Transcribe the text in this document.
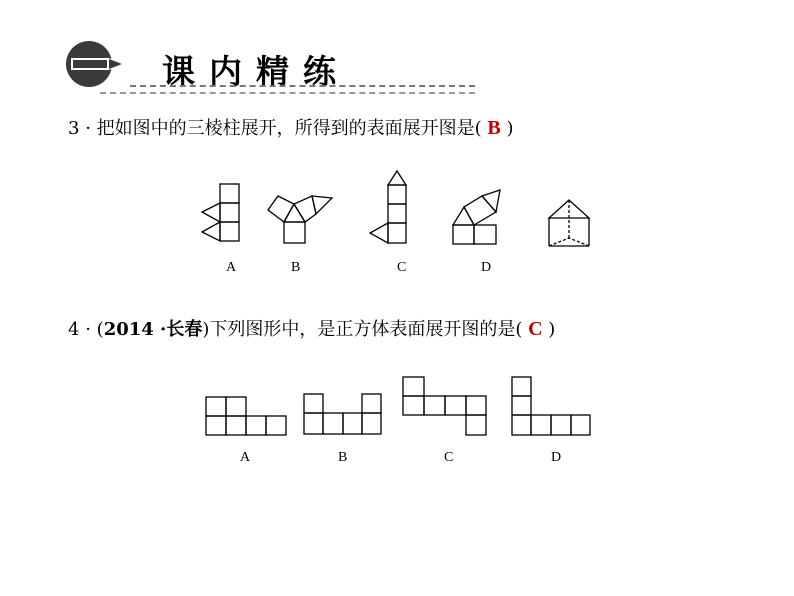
课内精练
3 · 把如图中的三棱柱展开，所得到的表面展开图是( B )
A	B	C	D
4 · (2014 ·长春)下列图形中，是正方体表面展开图的是( C )
A	B	C	D
